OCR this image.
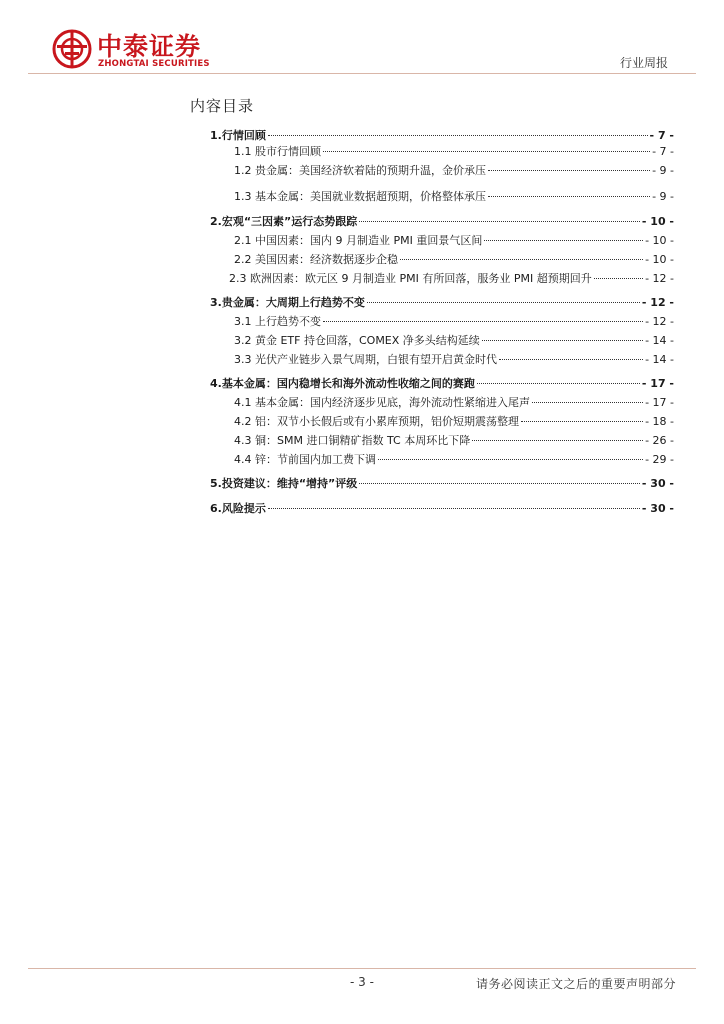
中泰证券
ZHONGTAI SECURITIES	行业周报
内容目录
1.行情回顾	- 7 -
1.1 股市行情回顾	- 7 -
1.2 贵金属：美国经济软着陆的预期升温，金价承压	- 9 -
1.3 基本金属：美国就业数据超预期，价格整体承压	- 9 -
2.宏观“三因素”运行态势跟踪	- 10 -
2.1 中国因素：国内 9 月制造业 PMI 重回景气区间	- 10 -
2.2 美国因素：经济数据逐步企稳	- 10 -
2.3 欧洲因素：欧元区 9 月制造业 PMI 有所回落，服务业 PMI 超预期回升	- 12 -
3.贵金属：大周期上行趋势不变	- 12 -
3.1 上行趋势不变	- 12 -
3.2 黄金 ETF 持仓回落，COMEX 净多头结构延续	- 14 -
3.3 光伏产业链步入景气周期，白银有望开启黄金时代	- 14 -
4.基本金属：国内稳增长和海外流动性收缩之间的赛跑	- 17 -
4.1 基本金属：国内经济逐步见底，海外流动性紧缩进入尾声	- 17 -
4.2 铝：双节小长假后或有小累库预期，铝价短期震荡整理	- 18 -
4.3 铜：SMM 进口铜精矿指数 TC 本周环比下降	- 26 -
4.4 锌：节前国内加工费下调	- 29 -
5.投资建议：维持“增持”评级	- 30 -
6.风险提示	- 30 -
- 3 -	请务必阅读正文之后的重要声明部分
